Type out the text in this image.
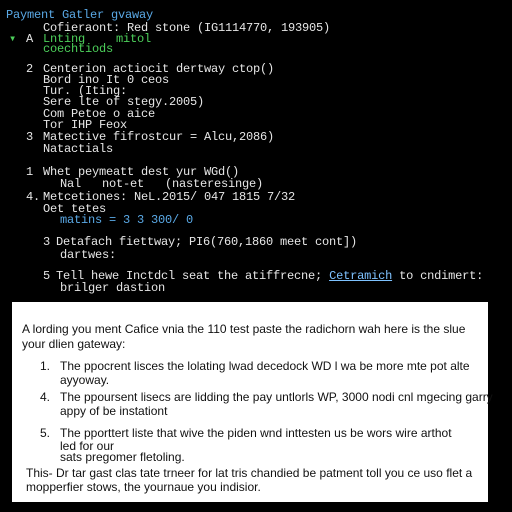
Payment Gatler gvaway
▾ A
Cofieraont: Red stone (IG1114770, 193905)
Lnting	mitol
coechtiods
2 Centerion actiocit dertway ctop()
Bord ino It 0 ceos
Tur. (Iting:
Sere lte of stegy.2005)
Com Petoe o aice
Tor IHP Feox
3 Matective fifrostcur = Alcu,2086)
Natactials
1 Whet peymeatt dest yur WGd()
Nal   not-et   (nasteresinge)
4. Metcetiones: NeL.2015/ 047 1815 7/32
Oet tetes
matins = 3 3 300/ 0
3 Detafach fiettway; PI6(760,1860 meet cont])
dartwes:
5 Tell hewe Inctdcl seat the atiffrecne; Cetramich to cndimert:
brilger dastion
A lording you ment Cafice vnia the 110 test paste the radichorn wah here is the slue
your dlien gateway:
1. The ppocrent lisces the lolating lwad decedock WD l wa be more mte pot alte
ayyoway.
4. The ppoursent lisecs are lidding the pay untlorls WP, 3000 nodi cnl mgecing garry
appy of be instationt
5. The pporttert liste that wive the piden wnd inttesten us be wors wire arthot
led for our
sats pregomer fletoling.
This- Dr tar gast clas tate trneer for lat tris chandied be patment toll you ce uso flet a
mopperfier stows, the yournaue you indisior.
